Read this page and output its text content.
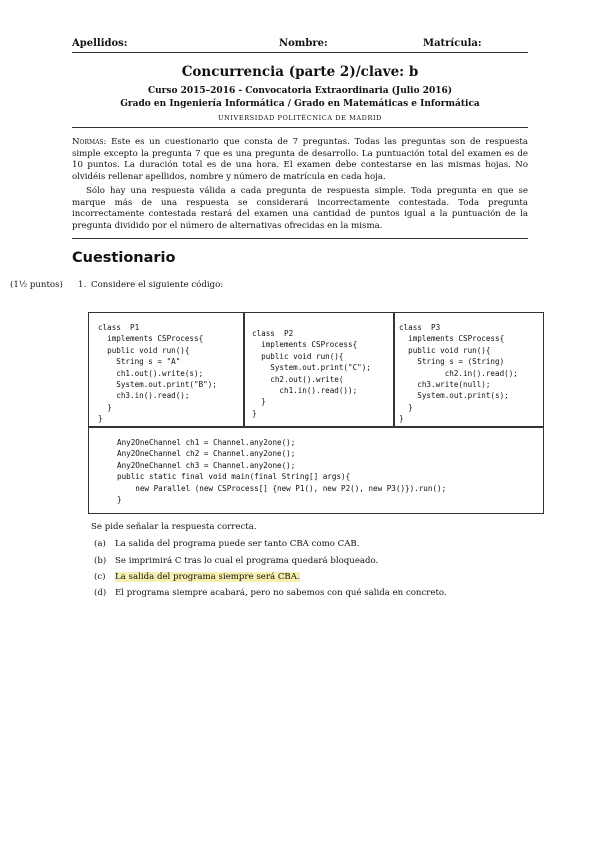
Apellidos:	Nombre:	Matrícula:
Concurrencia (parte 2)/clave: b
Curso 2015–2016 - Convocatoria Extraordinaria (Julio 2016)
Grado en Ingeniería Informática / Grado en Matemáticas e Informática
UNIVERSIDAD POLITÉCNICA DE MADRID
Normas: Este es un cuestionario que consta de 7 preguntas. Todas las preguntas son de respuesta simple excepto la pregunta 7 que es una pregunta de desarrollo. La puntuación total del examen es de 10 puntos. La duración total es de una hora. El examen debe contestarse en las mismas hojas. No olvidéis rellenar apellidos, nombre y número de matrícula en cada hoja.
Sólo hay una respuesta válida a cada pregunta de respuesta simple. Toda pregunta en que se marque más de una respuesta se considerará incorrectamente contestada. Toda pregunta incorrectamente contestada restará del examen una cantidad de puntos igual a la puntuación de la pregunta dividido por el número de alternativas ofrecidas en la misma.
Cuestionario
(1½ puntos) 1. Considere el siguiente código:
class  P1
implements CSProcess{
public void run(){
String s = "A"
ch1.out().write(s);
System.out.print("B");
ch3.in().read();
}
}
class  P2
implements CSProcess{
public void run(){
System.out.print("C");
ch2.out().write(
ch1.in().read());
}
}
class  P3
implements CSProcess{
public void run(){
String s = (String)
ch2.in().read();
ch3.write(null);
System.out.print(s);
}
}
Any2OneChannel ch1 = Channel.any2one();
Any2OneChannel ch2 = Channel.any2one();
Any2OneChannel ch3 = Channel.any2one();
public static final void main(final String[] args){
new Parallel (new CSProcess[] {new P1(), new P2(), new P3()}).run();
}
Se pide señalar la respuesta correcta.
(a) La salida del programa puede ser tanto CBA como CAB.
(b) Se imprimirá C tras lo cual el programa quedará bloqueado.
(c) La salida del programa siempre será CBA.
(d) El programa siempre acabará, pero no sabemos con qué salida en concreto.
